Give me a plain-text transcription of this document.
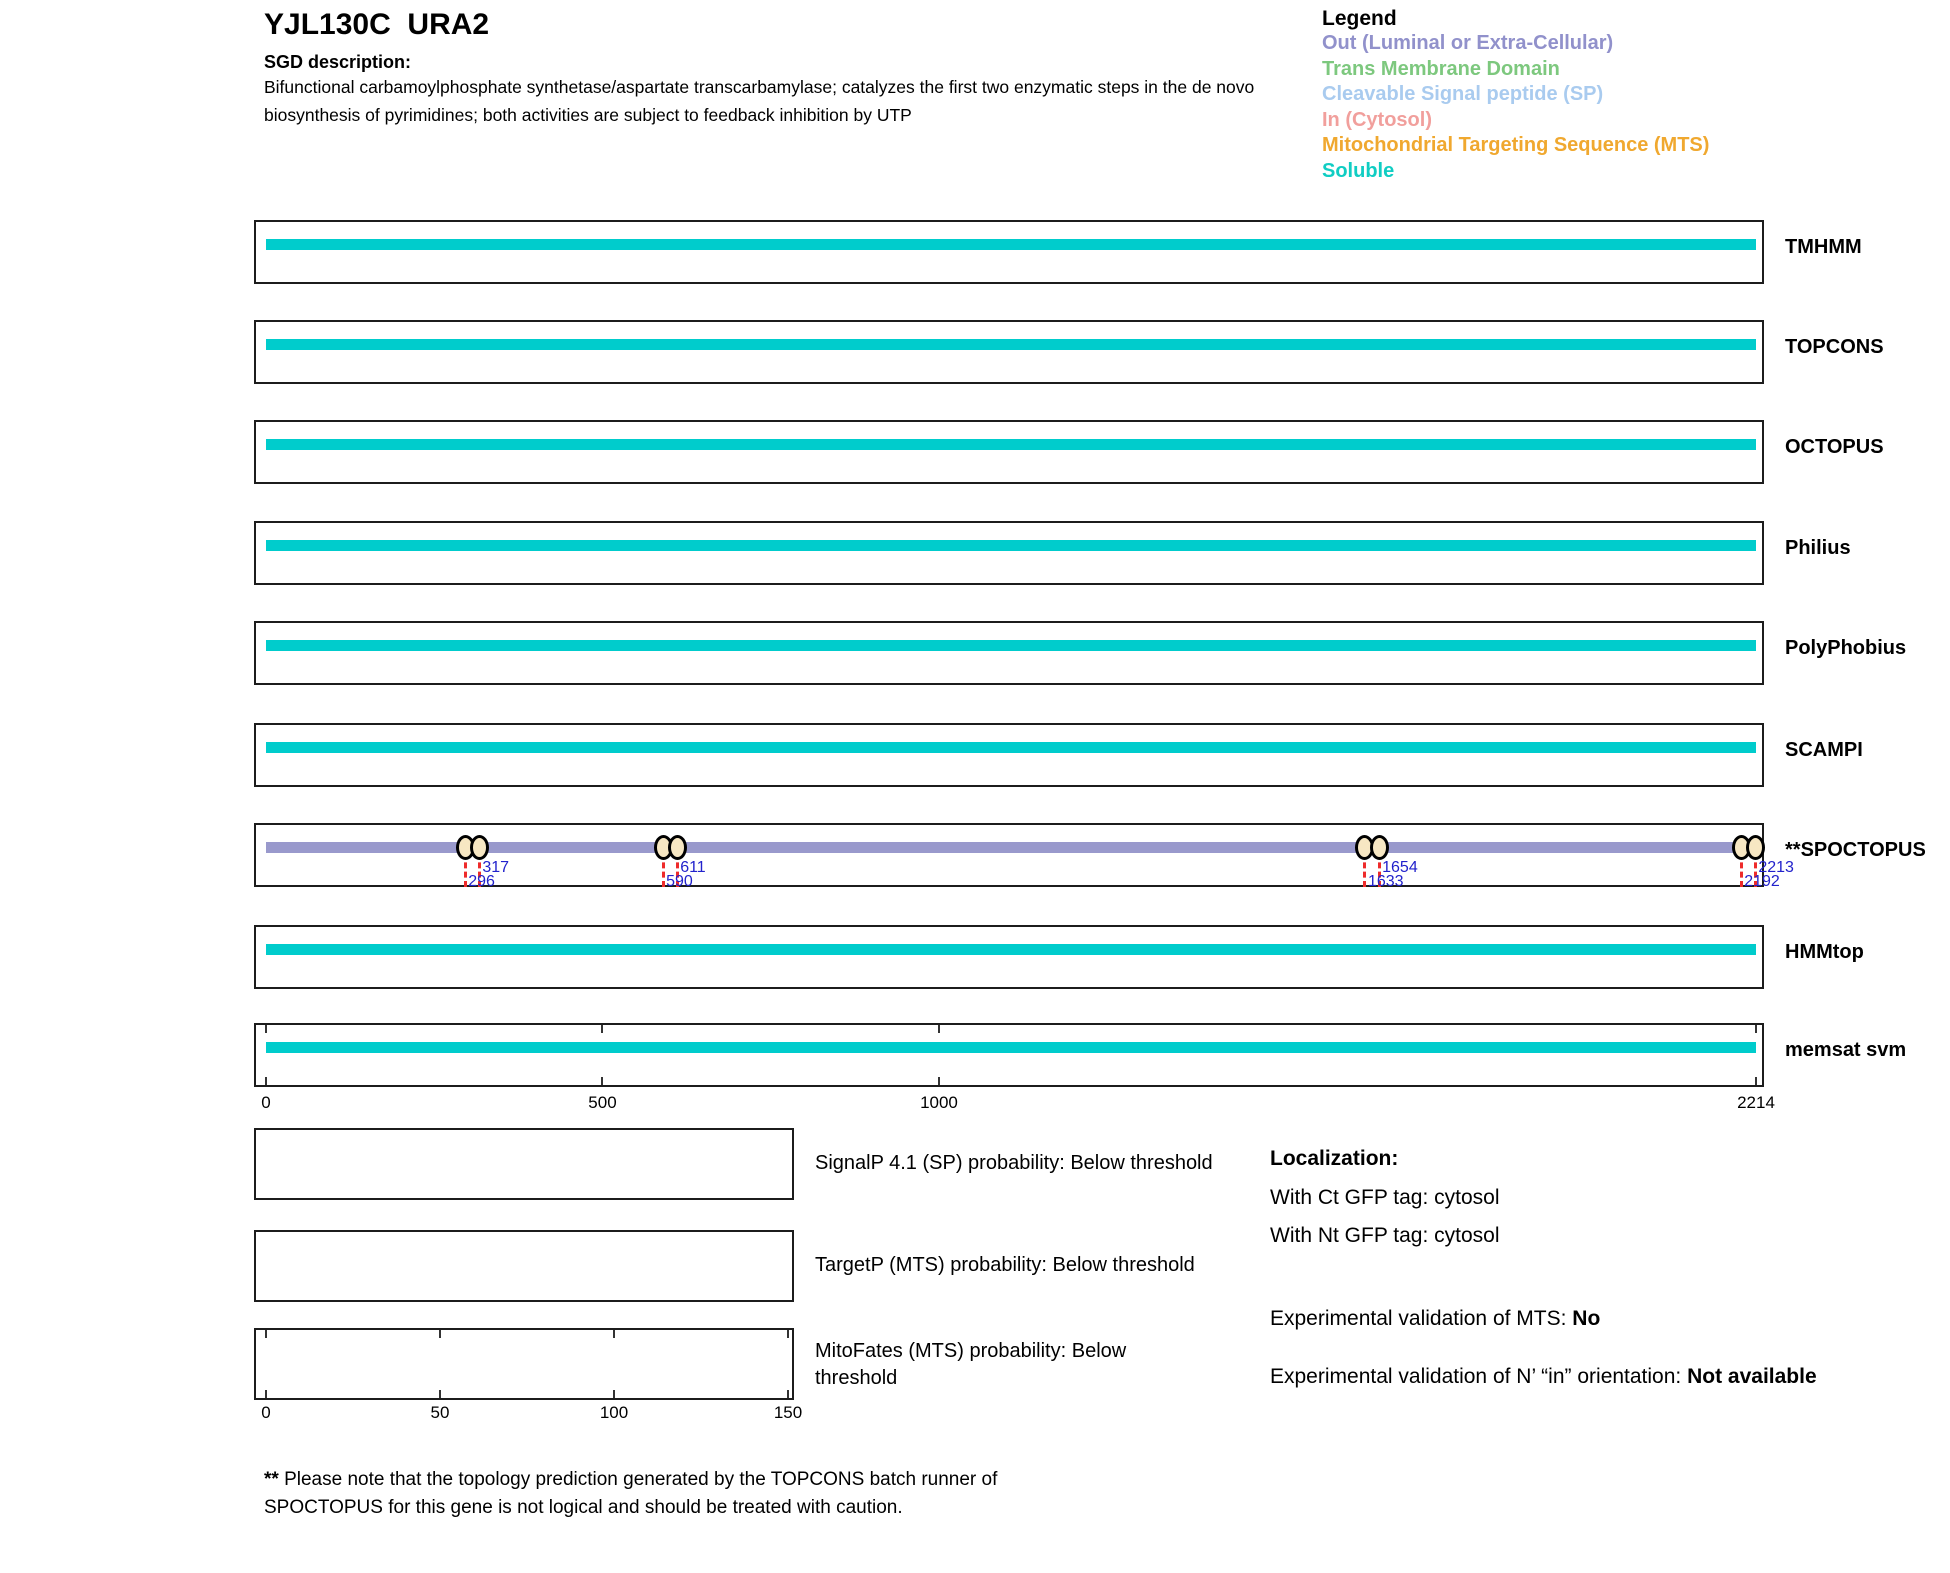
YJL130C  URA2
SGD description:
Bifunctional carbamoylphosphate synthetase/aspartate transcarbamylase; catalyzes the first two enzymatic steps in the de novo biosynthesis of pyrimidines; both activities are subject to feedback inhibition by UTP
Legend
Out (Luminal or Extra-Cellular)
Trans Membrane Domain
Cleavable Signal peptide (SP)
In (Cytosol)
Mitochondrial Targeting Sequence (MTS)
Soluble
TMHMM
TOPCONS
OCTOPUS
Philius
PolyPhobius
SCAMPI
296
317
590
611
1633
1654
2192
2213
**SPOCTOPUS
HMMtop
memsat svm
SignalP 4.1 (SP) probability: Below threshold
TargetP (MTS) probability: Below threshold
MitoFates (MTS) probability: Below threshold
Localization:
With Ct GFP tag: cytosol
With Nt GFP tag: cytosol
Experimental validation of MTS: No
Experimental validation of N’ “in” orientation: Not available
** Please note that the topology prediction generated by the TOPCONS batch runner of SPOCTOPUS for this gene is not logical and should be treated with caution.
0	500	1000	2214
0	50	100	150
